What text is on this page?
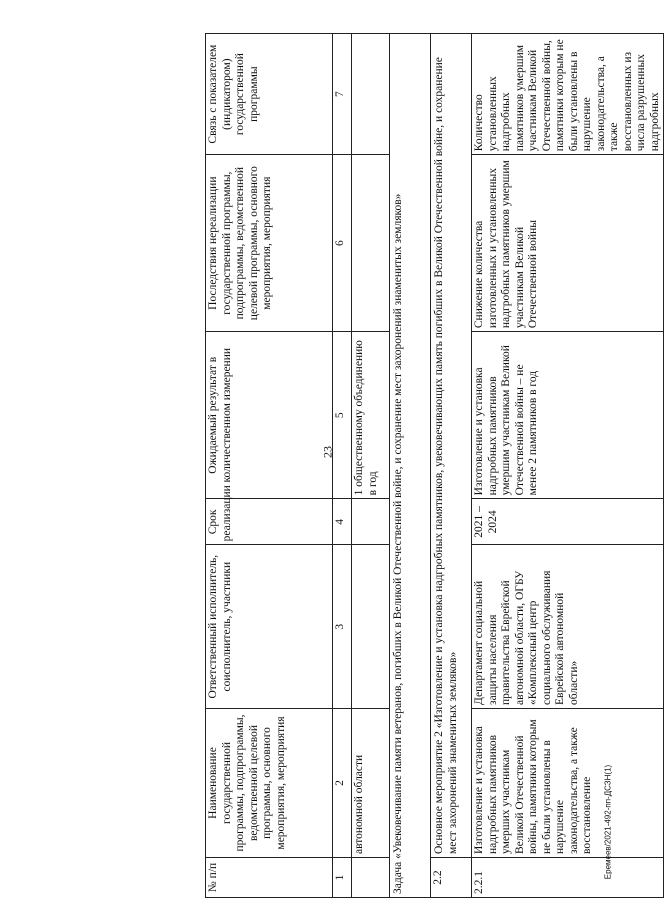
23
№ п/п	Наименование государственной программы, подпрограммы, ведомственной целевой программы, основного мероприятия, мероприятия	Ответственный исполнитель, соисполнитель, участники	Срок реализации	Ожидаемый результат в количественном измерении	Последствия нереализации государственной программы, подпрограммы, ведомственной целевой программы, основного мероприятия, мероприятия	Связь с показателем (индикатором) государственной программы
1	2	3	4	5	6	7
	автономной области			1 общественному объединению в год		
Задача «Увековечивание памяти ветеранов, погибших в Великой Отечественной войне, и сохранение мест захоронений знаменитых земляков»						
2.2	Основное мероприятие 2 «Изготовление и установка надгробных памятников, увековечивающих память погибших в Великой Отечественной войне, и сохранение мест захоронений знаменитых земляков»					
2.2.1	Изготовление и установка надгробных памятников умерших участникам Великой Отечественной войны, памятники которым не были установлены в нарушение законодательства, а также восстановление	Департамент социальной защиты населения правительства Еврейской автономной области, ОГБУ «Комплексный центр социального обслуживания Еврейской автономной области»	2021 – 2024	Изготовление и установка надгробных памятников умершим участникам Великой Отечественной войны – не менее 2 памятников в год	Снижение количества изготовленных и установленных надгробных памятников умершим участникам Великой Отечественной войны	Количество установленных надгробных памятников умершим участникам Великой Отечественной войны, памятники которым не были установлены в нарушение законодательства, а также восстановленных из числа разрушенных надгробных
Еремеев/2021-492-пп-ДСЗН(1)
